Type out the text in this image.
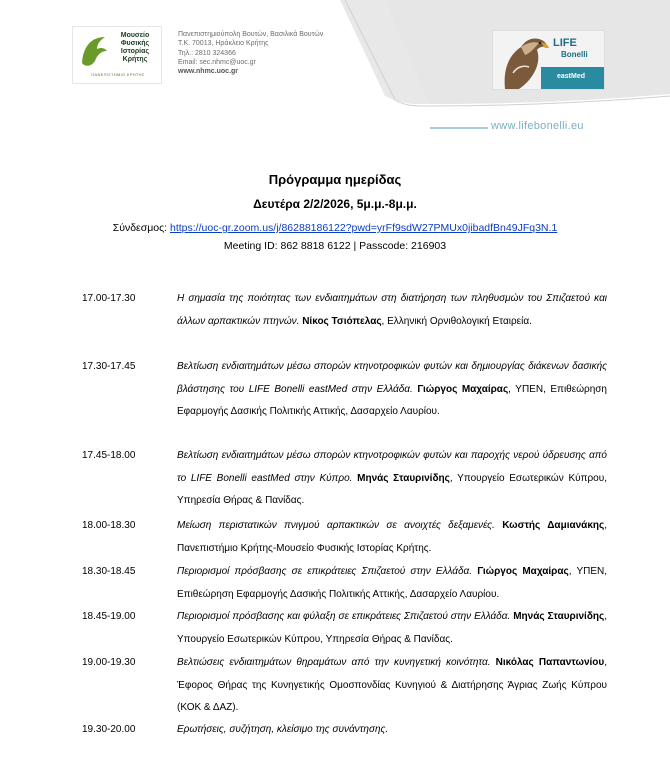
Μουσείο
Φυσικής
Ιστορίας
Κρήτης
ΠΑΝΕΠΙΣΤΗΜΙΟ ΚΡΗΤΗΣ
Πανεπιστημιούπολη Βουτών, Βασιλικά Βουτών
Τ.Κ. 70013, Ηράκλειο Κρήτης
Τηλ.: 2810 324366
Email: sec.nhmc@uoc.gr
www.nhmc.uoc.gr
LIFE
Bonelli
eastMed
www.lifebonelli.eu
Πρόγραμμα ημερίδας
Δευτέρα 2/2/2026, 5μ.μ.-8μ.μ.
Σύνδεσμος: https://uoc-gr.zoom.us/j/86288186122?pwd=yrFf9sdW27PMUx0jibadfBn49JFq3N.1
Meeting ID: 862 8818 6122 | Passcode: 216903
17.00-17.30	Η σημασία της ποιότητας των ενδιαιτημάτων στη διατήρηση των πληθυσμών του Σπιζαετού και άλλων αρπακτικών πτηνών. Νίκος Τσιόπελας, Ελληνική Ορνιθολογική Εταιρεία.
17.30-17.45	Βελτίωση ενδιαιτημάτων μέσω σπορών κτηνοτροφικών φυτών και δημιουργίας διάκενων δασικής βλάστησης του LIFE Bonelli eastMed στην Ελλάδα. Γιώργος Μαχαίρας, ΥΠΕΝ, Επιθεώρηση Εφαρμογής Δασικής Πολιτικής Αττικής, Δασαρχείο Λαυρίου.
17.45-18.00	Βελτίωση ενδιαιτημάτων μέσω σπορών κτηνοτροφικών φυτών και παροχής νερού ύδρευσης από το LIFE Bonelli eastMed στην Κύπρο. Μηνάς Σταυρινίδης, Υπουργείο Εσωτερικών Κύπρου, Υπηρεσία Θήρας & Πανίδας.
18.00-18.30	Μείωση περιστατικών πνιγμού αρπακτικών σε ανοιχτές δεξαμενές. Κωστής Δαμιανάκης, Πανεπιστήμιο Κρήτης-Μουσείο Φυσικής Ιστορίας Κρήτης.
18.30-18.45	Περιορισμοί πρόσβασης σε επικράτειες Σπιζαετού στην Ελλάδα. Γιώργος Μαχαίρας, ΥΠΕΝ, Επιθεώρηση Εφαρμογής Δασικής Πολιτικής Αττικής, Δασαρχείο Λαυρίου.
18.45-19.00	Περιορισμοί πρόσβασης και φύλαξη σε επικράτειες Σπιζαετού στην Ελλάδα. Μηνάς Σταυρινίδης, Υπουργείο Εσωτερικών Κύπρου, Υπηρεσία Θήρας & Πανίδας.
19.00-19.30	Βελτιώσεις ενδιαιτημάτων θηραμάτων από την κυνηγετική κοινότητα. Νικόλας Παπαντωνίου, Έφορος Θήρας της Κυνηγετικής Ομοσπονδίας Κυνηγιού & Διατήρησης Άγριας Ζωής Κύπρου (ΚΟΚ & ΔΑΖ).
19.30-20.00	Ερωτήσεις, συζήτηση, κλείσιμο της συνάντησης.
